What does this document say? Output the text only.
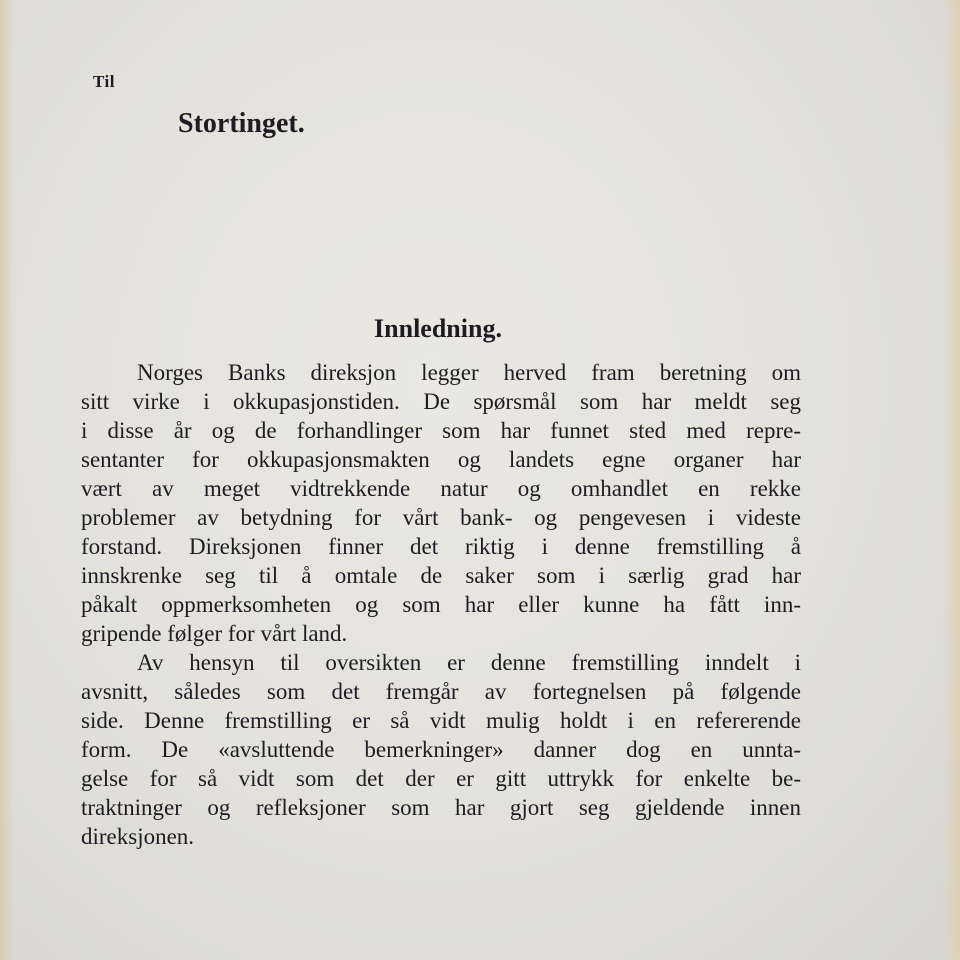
Til
Stortinget.
Innledning.
Norges Banks direksjon legger herved fram beretning om
sitt virke i okkupasjonstiden. De spørsmål som har meldt seg
i disse år og de forhandlinger som har funnet sted med repre-
sentanter for okkupasjonsmakten og landets egne organer har
vært av meget vidtrekkende natur og omhandlet en rekke
problemer av betydning for vårt bank- og pengevesen i videste
forstand. Direksjonen finner det riktig i denne fremstilling å
innskrenke seg til å omtale de saker som i særlig grad har
påkalt oppmerksomheten og som har eller kunne ha fått inn-
gripende følger for vårt land.
Av hensyn til oversikten er denne fremstilling inndelt i
avsnitt, således som det fremgår av fortegnelsen på følgende
side. Denne fremstilling er så vidt mulig holdt i en refererende
form. De «avsluttende bemerkninger» danner dog en unnta-
gelse for så vidt som det der er gitt uttrykk for enkelte be-
traktninger og refleksjoner som har gjort seg gjeldende innen
direksjonen.
